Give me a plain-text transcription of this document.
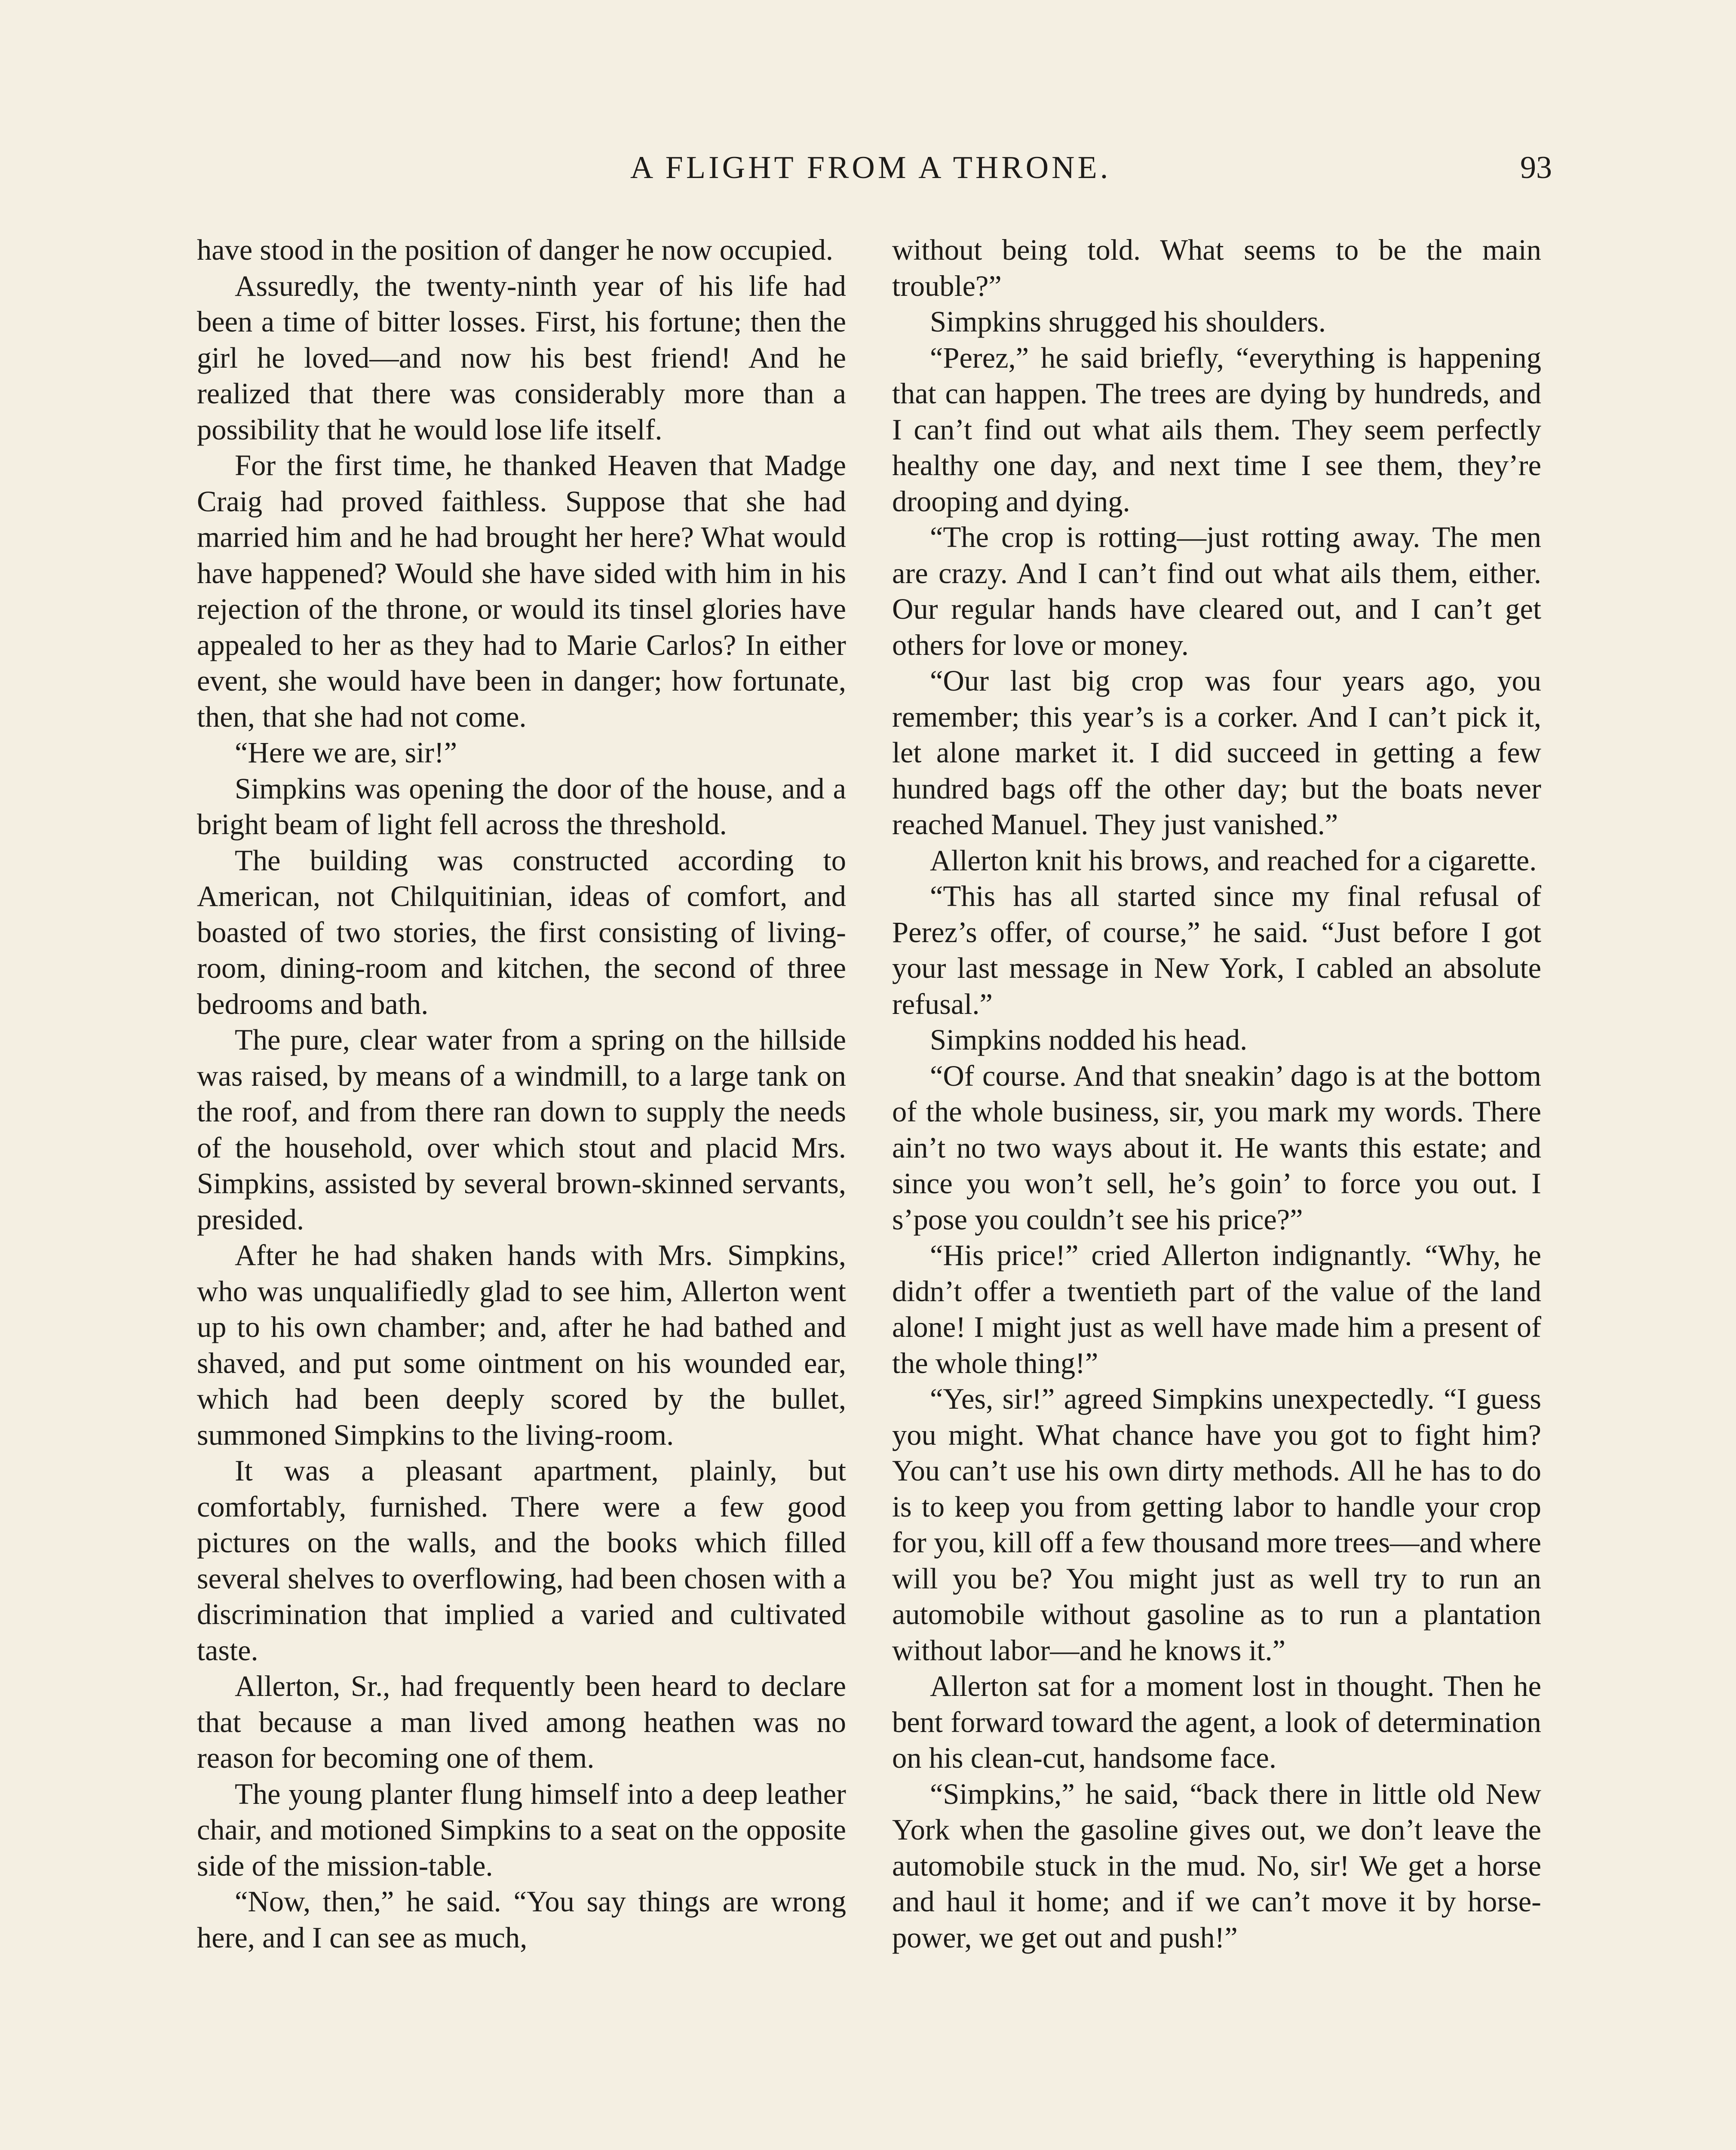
A FLIGHT FROM A THRONE.	93

have stood in the position of danger he now occupied.

Assuredly, the twenty-ninth year of his life had been a time of bitter losses. First, his fortune; then the girl he loved—and now his best friend! And he realized that there was considerably more than a possibility that he would lose life itself.

For the first time, he thanked Heaven that Madge Craig had proved faithless. Suppose that she had married him and he had brought her here? What would have happened? Would she have sided with him in his rejection of the throne, or would its tinsel glories have appealed to her as they had to Marie Carlos? In either event, she would have been in danger; how fortunate, then, that she had not come.

“Here we are, sir!”

Simpkins was opening the door of the house, and a bright beam of light fell across the threshold.

The building was constructed according to American, not Chilquitinian, ideas of comfort, and boasted of two stories, the first consisting of living-room, dining-room and kitchen, the second of three bedrooms and bath.

The pure, clear water from a spring on the hillside was raised, by means of a windmill, to a large tank on the roof, and from there ran down to supply the needs of the household, over which stout and placid Mrs. Simpkins, assisted by several brown-skinned servants, presided.

After he had shaken hands with Mrs. Simpkins, who was unqualifiedly glad to see him, Allerton went up to his own chamber; and, after he had bathed and shaved, and put some ointment on his wounded ear, which had been deeply scored by the bullet, summoned Simpkins to the living-room.

It was a pleasant apartment, plainly, but comfortably, furnished. There were a few good pictures on the walls, and the books which filled several shelves to overflowing, had been chosen with a discrimination that implied a varied and cultivated taste.

Allerton, Sr., had frequently been heard to declare that because a man lived among heathen was no reason for becoming one of them.

The young planter flung himself into a deep leather chair, and motioned Simpkins to a seat on the opposite side of the mission-table.

“Now, then,” he said. “You say things are wrong here, and I can see as much,

without being told. What seems to be the main trouble?”

Simpkins shrugged his shoulders.

“Perez,” he said briefly, “everything is happening that can happen. The trees are dying by hundreds, and I can’t find out what ails them. They seem perfectly healthy one day, and next time I see them, they’re drooping and dying.

“The crop is rotting—just rotting away. The men are crazy. And I can’t find out what ails them, either. Our regular hands have cleared out, and I can’t get others for love or money.

“Our last big crop was four years ago, you remember; this year’s is a corker. And I can’t pick it, let alone market it. I did succeed in getting a few hundred bags off the other day; but the boats never reached Manuel. They just vanished.”

Allerton knit his brows, and reached for a cigarette.

“This has all started since my final refusal of Perez’s offer, of course,” he said. “Just before I got your last message in New York, I cabled an absolute refusal.”

Simpkins nodded his head.

“Of course. And that sneakin’ dago is at the bottom of the whole business, sir, you mark my words. There ain’t no two ways about it. He wants this estate; and since you won’t sell, he’s goin’ to force you out. I s’pose you couldn’t see his price?”

“His price!” cried Allerton indignantly. “Why, he didn’t offer a twentieth part of the value of the land alone! I might just as well have made him a present of the whole thing!”

“Yes, sir!” agreed Simpkins unexpectedly. “I guess you might. What chance have you got to fight him? You can’t use his own dirty methods. All he has to do is to keep you from getting labor to handle your crop for you, kill off a few thousand more trees—and where will you be? You might just as well try to run an automobile without gasoline as to run a plantation without labor—and he knows it.”

Allerton sat for a moment lost in thought. Then he bent forward toward the agent, a look of determination on his clean-cut, handsome face.

“Simpkins,” he said, “back there in little old New York when the gasoline gives out, we don’t leave the automobile stuck in the mud. No, sir! We get a horse and haul it home; and if we can’t move it by horse-power, we get out and push!”
